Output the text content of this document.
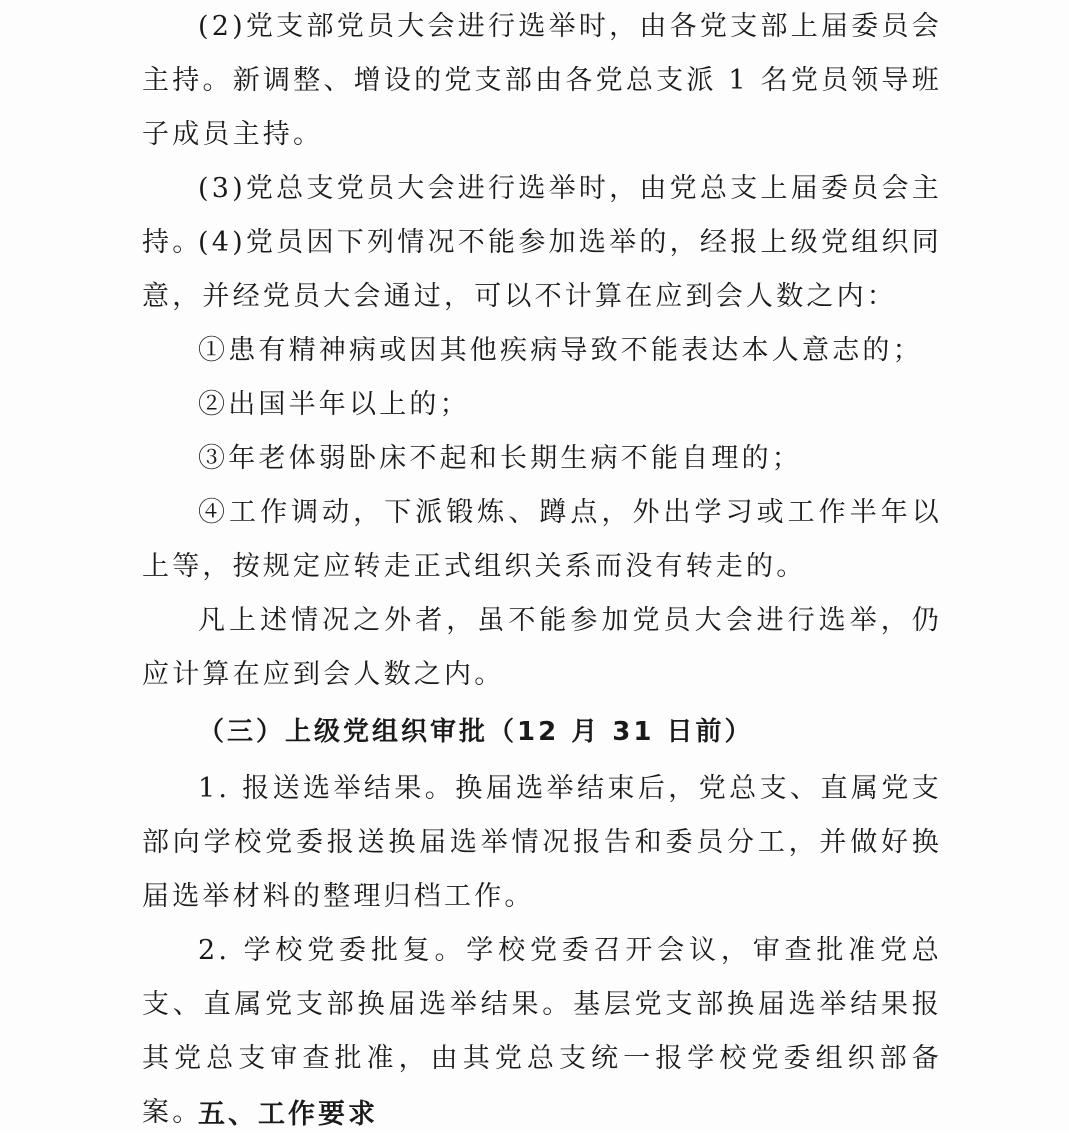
(2)党支部党员大会进行选举时，由各党支部上届委员会主持。新调整、增设的党支部由各党总支派 1 名党员领导班子成员主持。

(3)党总支党员大会进行选举时，由党总支上届委员会主持。

(4)党员因下列情况不能参加选举的，经报上级党组织同意，并经党员大会通过，可以不计算在应到会人数之内：

①患有精神病或因其他疾病导致不能表达本人意志的；

②出国半年以上的；

③年老体弱卧床不起和长期生病不能自理的；

④工作调动，下派锻炼、蹲点，外出学习或工作半年以上等，按规定应转走正式组织关系而没有转走的。

凡上述情况之外者，虽不能参加党员大会进行选举，仍应计算在应到会人数之内。

（三）上级党组织审批（12 月 31 日前）

1. 报送选举结果。换届选举结束后，党总支、直属党支部向学校党委报送换届选举情况报告和委员分工，并做好换届选举材料的整理归档工作。

2. 学校党委批复。学校党委召开会议，审查批准党总支、直属党支部换届选举结果。基层党支部换届选举结果报其党总支审查批准，由其党总支统一报学校党委组织部备案。

五、工作要求
